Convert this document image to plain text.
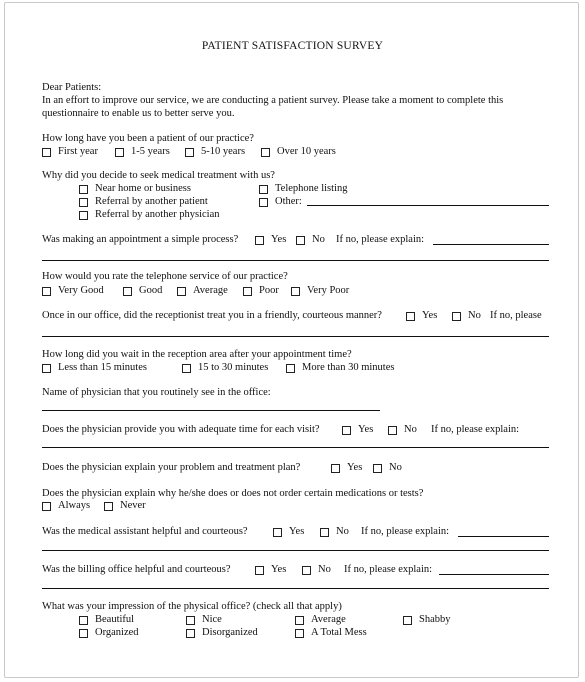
PATIENT SATISFACTION SURVEY
Dear Patients:
In an effort to improve our service, we are conducting a patient survey. Please take a moment to complete this
questionnaire to enable us to better serve you.
How long have you been a patient of our practice?
First year	1-5 years	5-10 years	Over 10 years
Why did you decide to seek medical treatment with us?
Near home or business
Referral by another patient
Referral by another physician
Telephone listing
Other:
Was making an appointment a simple process?	Yes No If no, please explain:
How would you rate the telephone service of our practice?
Very Good	Good	Average	Poor	Very Poor
Once in our office, did the receptionist treat you in a friendly, courteous manner?	Yes	No If no, please
How long did you wait in the reception area after your appointment time?
Less than 15 minutes	15 to 30 minutes	More than 30 minutes
Name of physician that you routinely see in the office:
Does the physician provide you with adequate time for each visit?	Yes	No If no, please explain:
Does the physician explain your problem and treatment plan?	Yes	No
Does the physician explain why he/she does or does not order certain medications or tests?
Always	Never
Was the medical assistant helpful and courteous?	Yes	No If no, please explain:
Was the billing office helpful and courteous?	Yes	No If no, please explain:
What was your impression of the physical office? (check all that apply)
Beautiful
Organized
Nice
Disorganized
Average
A Total Mess
Shabby
